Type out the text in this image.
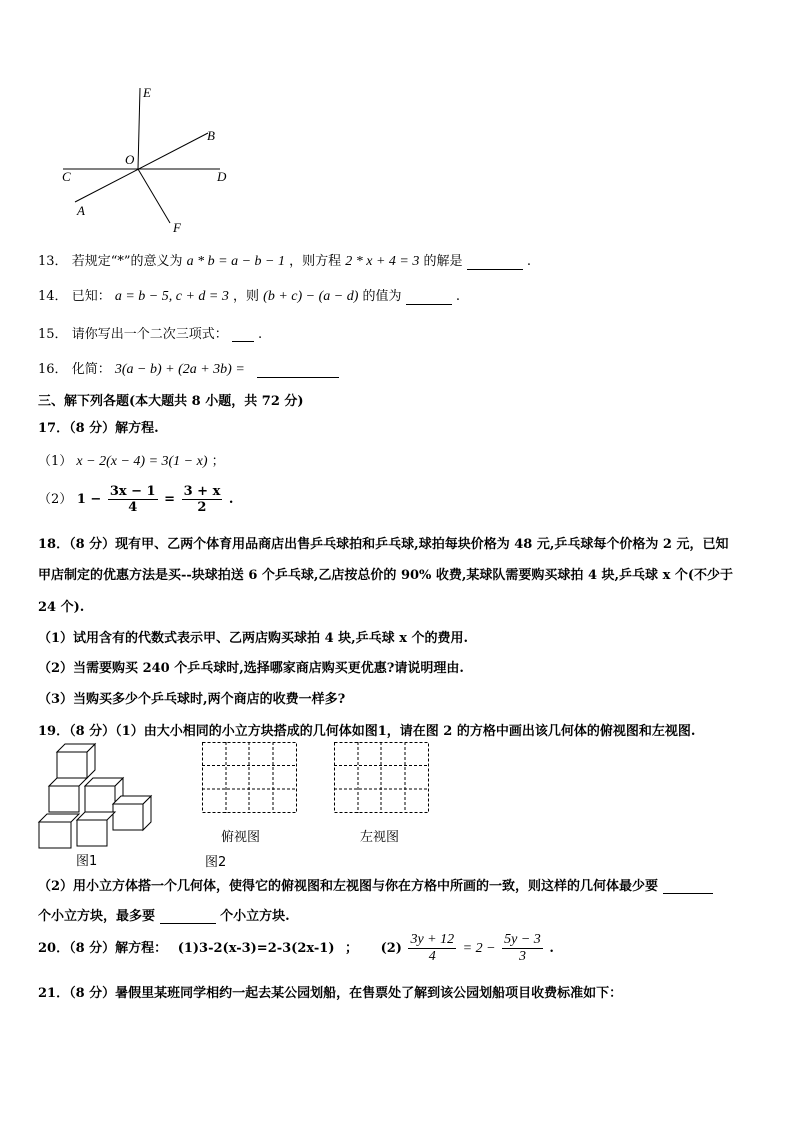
E
B
O
C	D
A
F
13． 若规定“*”的意义为 a * b = a − b − 1 ，则方程 2 * x + 4 = 3 的解是	.
14． 已知： a = b − 5, c + d = 3 ，则 (b + c) − (a − d) 的值为	.
15． 请你写出一个二次三项式： .
16． 化简： 3(a − b) + (2a + 3b) =
三、解下列各题(本大题共 8 小题，共 72 分)
17．（8 分）解方程.
（1） x − 2(x − 4) = 3(1 − x) ；
（2） $1 - \frac{3x - 1}{4} = \frac{3 + x}{2}$ .
18．（8 分）现有甲、乙两个体育用品商店出售乒乓球拍和乒乓球,球拍每块价格为 48 元,乒乓球每个价格为 2 元，已知
甲店制定的优惠方法是买--块球拍送 6 个乒乓球,乙店按总价的 90% 收费,某球队需要购买球拍 4 块,乒乓球 x 个(不少于
24 个).
（1）试用含有的代数式表示甲、乙两店购买球拍 4 块,乒乓球 x 个的费用.
（2）当需要购买 240 个乒乓球时,选择哪家商店购买更优惠?请说明理由.
（3）当购买多少个乒乓球时,两个商店的收费一样多?
19．（8 分）（1）由大小相同的小立方块搭成的几何体如图1，请在图 2 的方格中画出该几何体的俯视图和左视图.
俯视图	左视图
图1	图2
（2）用小立方体搭一个几何体，使得它的俯视图和左视图与你在方格中所画的一致，则这样的几何体最少要
个小立方块，最多要	个小立方块.
20．（8 分）解方程： (1)3-2(x-3)=2-3(2x-1) ； $(2) \frac{3y + 12}{4} = 2 - \frac{5y - 3}{3}$ .
21．（8 分）暑假里某班同学相约一起去某公园划船，在售票处了解到该公园划船项目收费标准如下：
